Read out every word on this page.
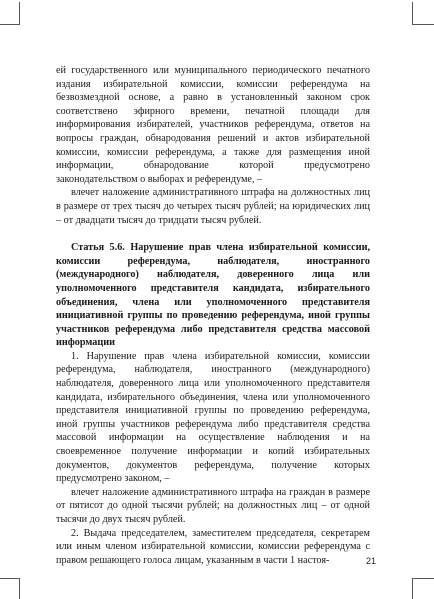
ей государственного или муниципального периодического печатного издания избирательной комиссии, комиссии референдума на безвозмездной основе, а равно в установленный законом срок соответствено эфирного времени, печатной площади для информирования избирателей, участников референдума, ответов на вопросы граждан, обнародования решений и актов избирательной комиссии, комиссии референдума, а также для размещения иной информации, обнародование которой предусмотрено законодательством о выборах и референдуме, –

влечет наложение административного штрафа на должностных лиц в размере от трех тысяч до четырех тысяч рублей; на юридических лиц – от двадцати тысяч до тридцати тысяч рублей.

Статья 5.6. Нарушение прав члена избирательной комиссии, комиссии референдума, наблюдателя, иностранного (международного) наблюдателя, доверенного лица или уполномоченного представителя кандидата, избирательного объединения, члена или уполномоченного представителя инициативной группы по проведению референдума, иной группы участников референдума либо представителя средства массовой информации

1. Нарушение прав члена избирательной комиссии, комиссии референдума, наблюдателя, иностранного (международного) наблюдателя, доверенного лица или уполномоченного представителя кандидата, избирательного объединения, члена или уполномоченного представителя инициативной группы по проведению референдума, иной группы участников референдума либо представителя средства массовой информации на осуществление наблюдения и на своевременное получение информации и копий избирательных документов, документов референдума, получение которых предусмотрено законом, –

влечет наложение административного штрафа на граждан в размере от пятисот до одной тысячи рублей; на должностных лиц – от одной тысячи до двух тысяч рублей.

2. Выдача председателем, заместителем председателя, секретарем или иным членом избирательной комиссии, комиссии референдума с правом решающего голоса лицам, указанным в части 1 настоя-	21
